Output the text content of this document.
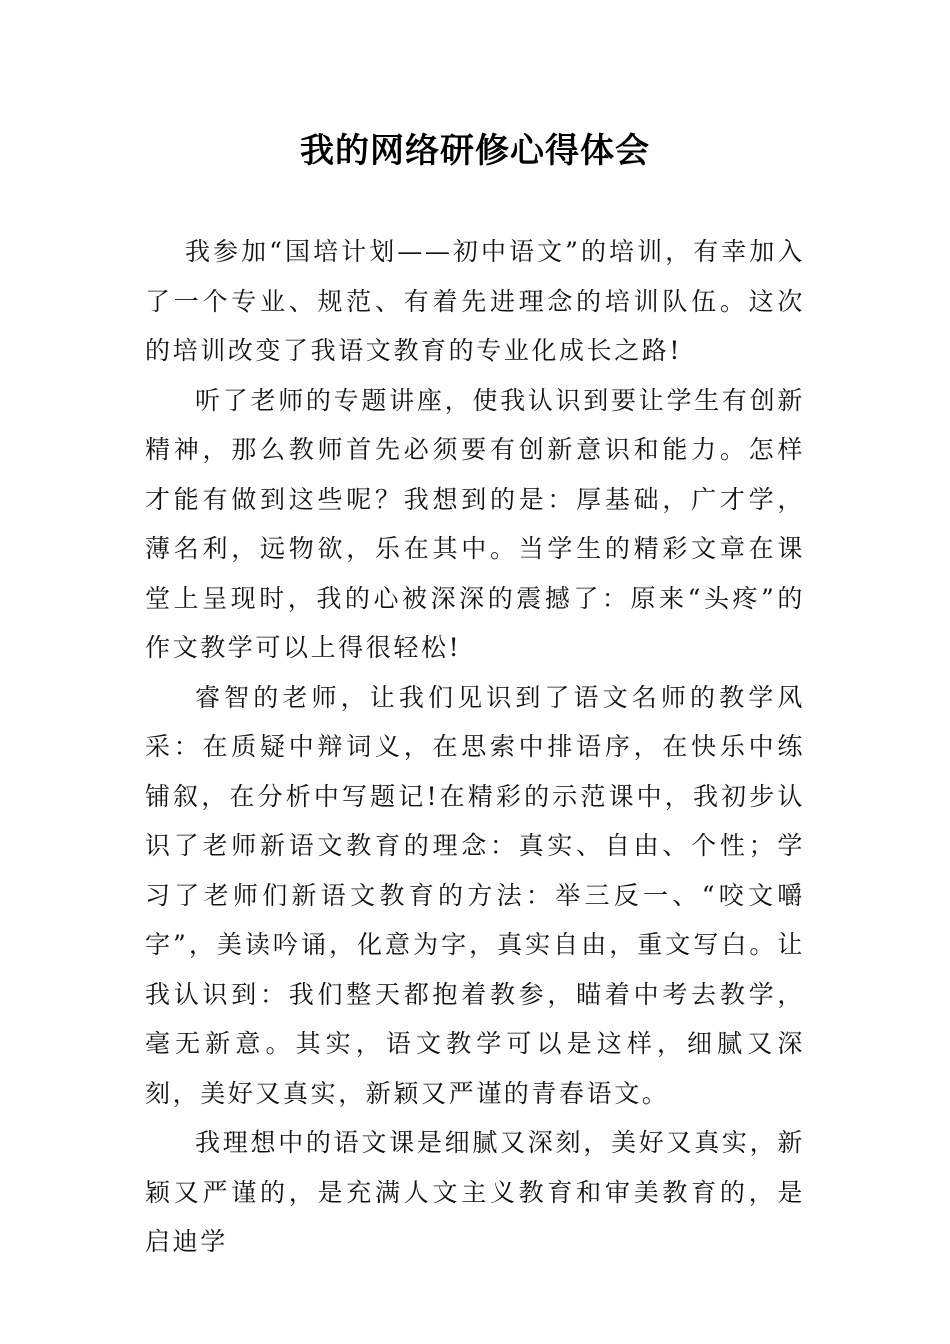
我的网络研修心得体会

我参加“国培计划——初中语文”的培训，有幸加入了一个专业、规范、有着先进理念的培训队伍。这次的培训改变了我语文教育的专业化成长之路!

听了老师的专题讲座，使我认识到要让学生有创新精神，那么教师首先必须要有创新意识和能力。怎样才能有做到这些呢？我想到的是：厚基础，广才学，薄名利，远物欲，乐在其中。当学生的精彩文章在课堂上呈现时，我的心被深深的震撼了：原来“头疼”的作文教学可以上得很轻松!

睿智的老师，让我们见识到了语文名师的教学风采：在质疑中辩词义，在思索中排语序，在快乐中练铺叙，在分析中写题记!在精彩的示范课中，我初步认识了老师新语文教育的理念：真实、自由、个性；学习了老师们新语文教育的方法：举三反一、“咬文嚼字”，美读吟诵，化意为字，真实自由，重文写白。让我认识到：我们整天都抱着教参，瞄着中考去教学，毫无新意。其实，语文教学可以是这样，细腻又深刻，美好又真实，新颖又严谨的青春语文。

我理想中的语文课是细腻又深刻，美好又真实，新颖又严谨的，是充满人文主义教育和审美教育的，是启迪学
